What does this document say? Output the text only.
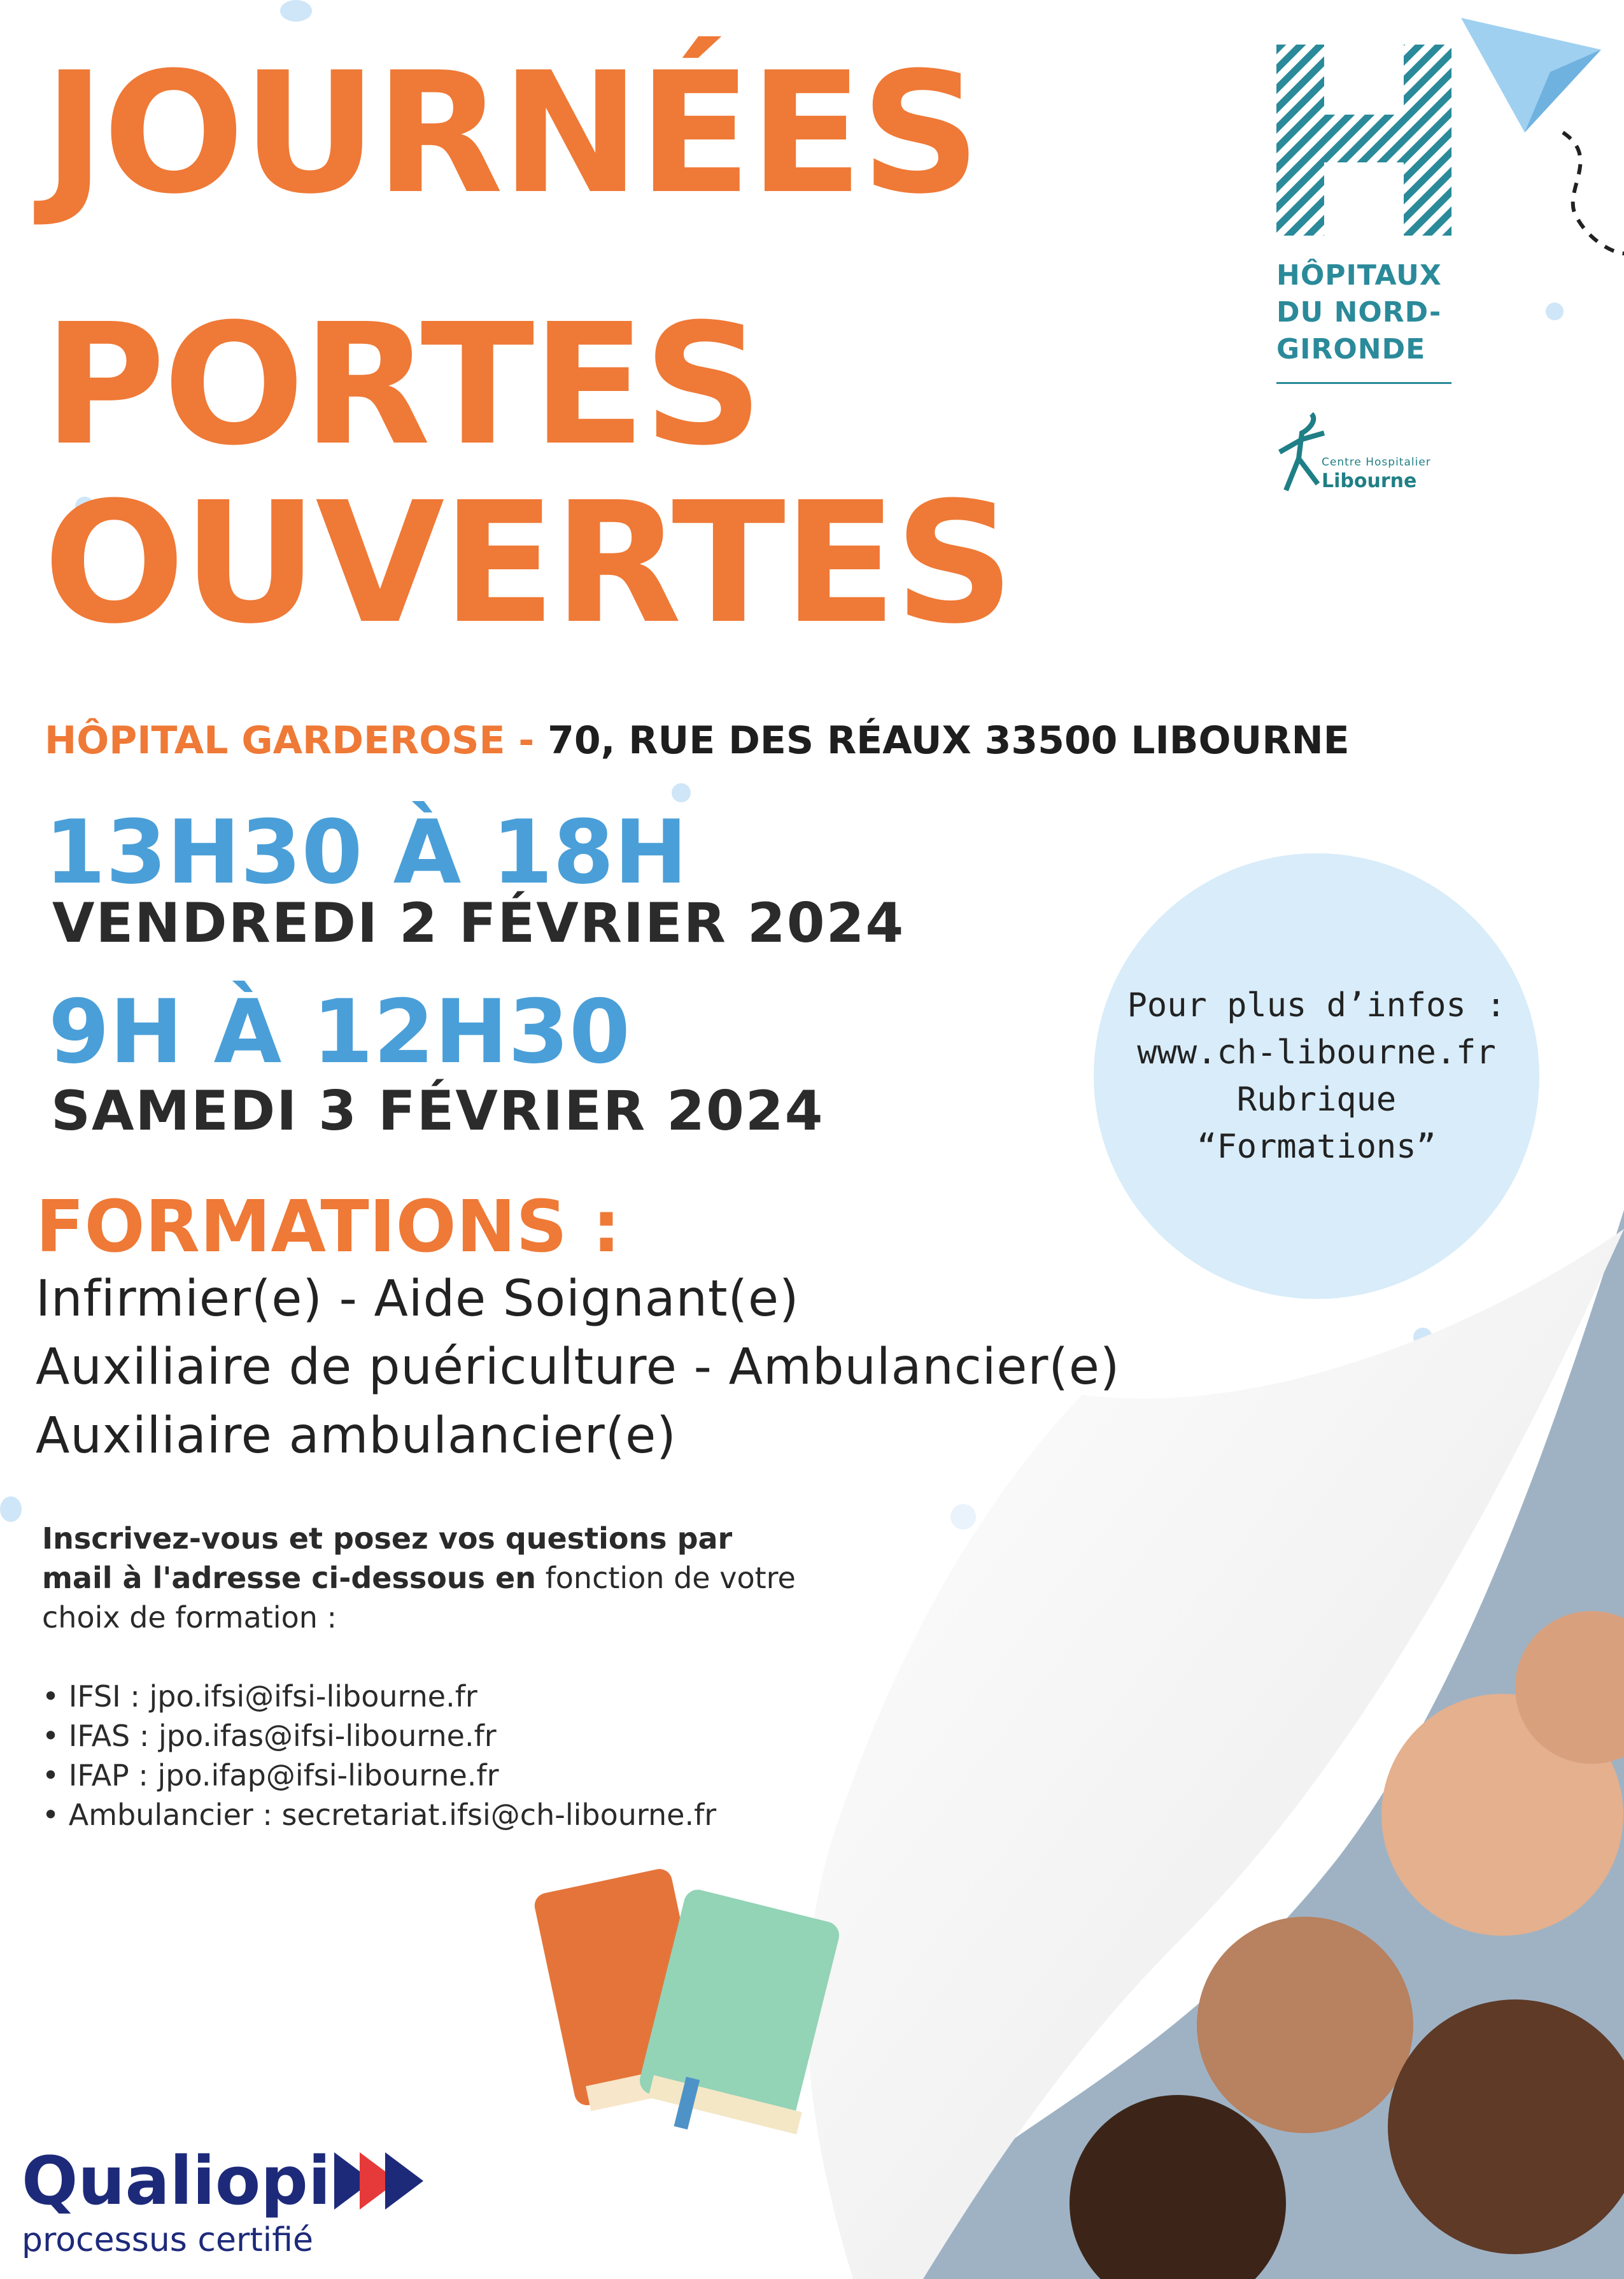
JOURNÉES
PORTES
OUVERTES
HÔPITAUX
DU NORD-
GIRONDE
Centre Hospitalier
Libourne
HÔPITAL GARDEROSE - 70, RUE DES RÉAUX 33500 LIBOURNE
13H30 À 18H
VENDREDI 2 FÉVRIER 2024
9H À 12H30
SAMEDI 3 FÉVRIER 2024
Pour plus d’infos :
www.ch-libourne.fr
Rubrique
“Formations”
FORMATIONS :
Infirmier(e) - Aide Soignant(e)
Auxiliaire de puériculture - Ambulancier(e)
Auxiliaire ambulancier(e)
Inscrivez-vous et posez vos questions par mail à l'adresse ci-dessous en fonction de votre choix de formation :
• IFSI : jpo.ifsi@ifsi-libourne.fr
• IFAS : jpo.ifas@ifsi-libourne.fr
• IFAP : jpo.ifap@ifsi-libourne.fr
• Ambulancier : secretariat.ifsi@ch-libourne.fr
Qualiopi
processus certifié
